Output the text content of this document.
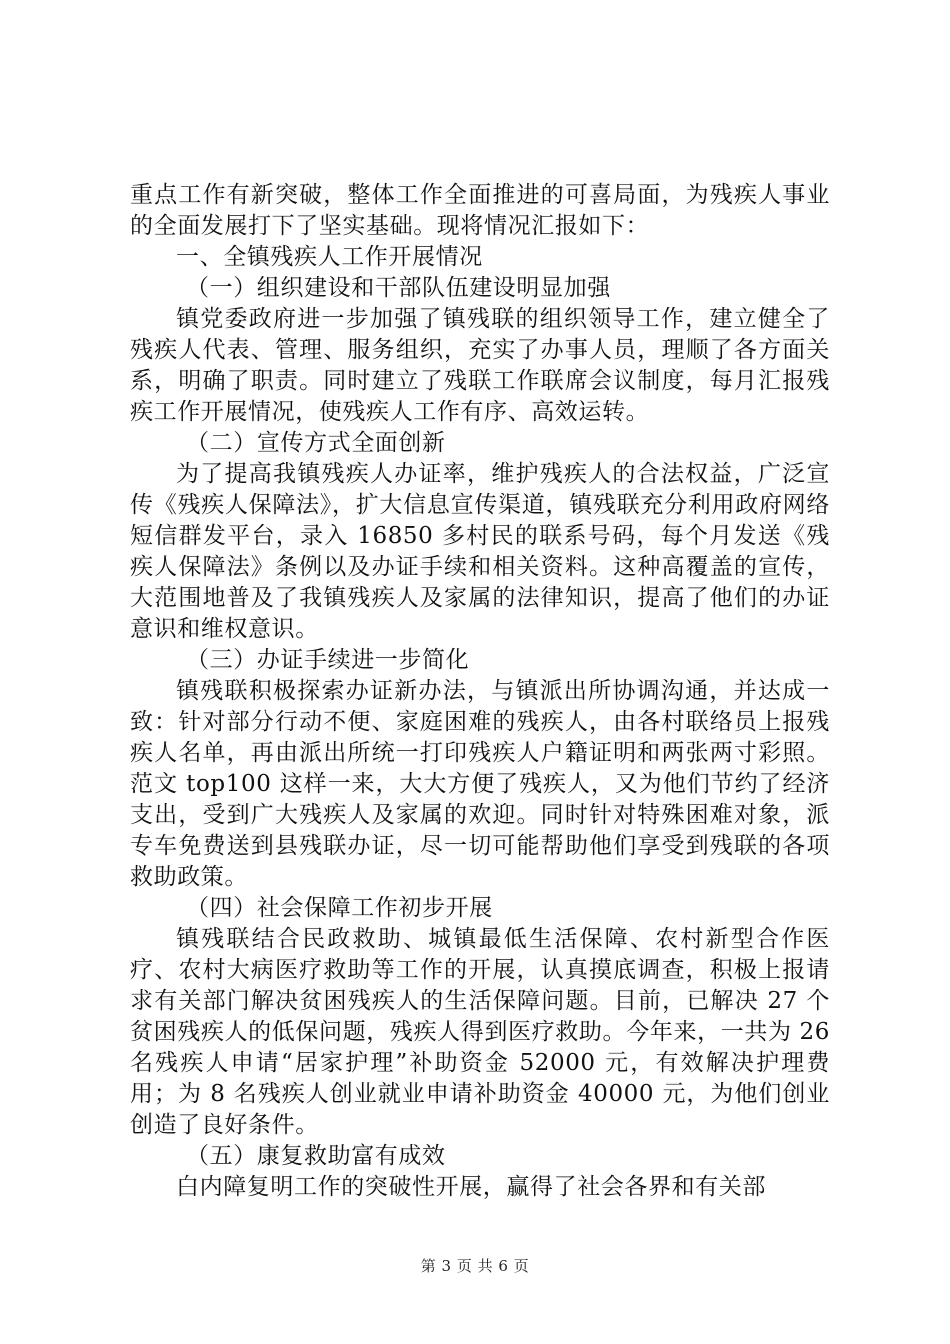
重点工作有新突破，整体工作全面推进的可喜局面，为残疾人事业的全面发展打下了坚实基础。现将情况汇报如下：

一、全镇残疾人工作开展情况

（一）组织建设和干部队伍建设明显加强

镇党委政府进一步加强了镇残联的组织领导工作，建立健全了残疾人代表、管理、服务组织，充实了办事人员，理顺了各方面关系，明确了职责。同时建立了残联工作联席会议制度，每月汇报残疾工作开展情况，使残疾人工作有序、高效运转。

（二）宣传方式全面创新

为了提高我镇残疾人办证率，维护残疾人的合法权益，广泛宣传《残疾人保障法》，扩大信息宣传渠道，镇残联充分利用政府网络短信群发平台，录入 16850 多村民的联系号码，每个月发送《残疾人保障法》条例以及办证手续和相关资料。这种高覆盖的宣传，大范围地普及了我镇残疾人及家属的法律知识，提高了他们的办证意识和维权意识。

（三）办证手续进一步简化

镇残联积极探索办证新办法，与镇派出所协调沟通，并达成一致：针对部分行动不便、家庭困难的残疾人，由各村联络员上报残疾人名单，再由派出所统一打印残疾人户籍证明和两张两寸彩照。范文 top100 这样一来，大大方便了残疾人，又为他们节约了经济支出，受到广大残疾人及家属的欢迎。同时针对特殊困难对象，派专车免费送到县残联办证，尽一切可能帮助他们享受到残联的各项救助政策。

（四）社会保障工作初步开展

镇残联结合民政救助、城镇最低生活保障、农村新型合作医疗、农村大病医疗救助等工作的开展，认真摸底调查，积极上报请求有关部门解决贫困残疾人的生活保障问题。目前，已解决 27 个贫困残疾人的低保问题，残疾人得到医疗救助。今年来，一共为 26 名残疾人申请“居家护理”补助资金 52000 元，有效解决护理费用；为 8 名残疾人创业就业申请补助资金 40000 元，为他们创业创造了良好条件。

（五）康复救助富有成效

白内障复明工作的突破性开展，赢得了社会各界和有关部

第 3 页 共 6 页
